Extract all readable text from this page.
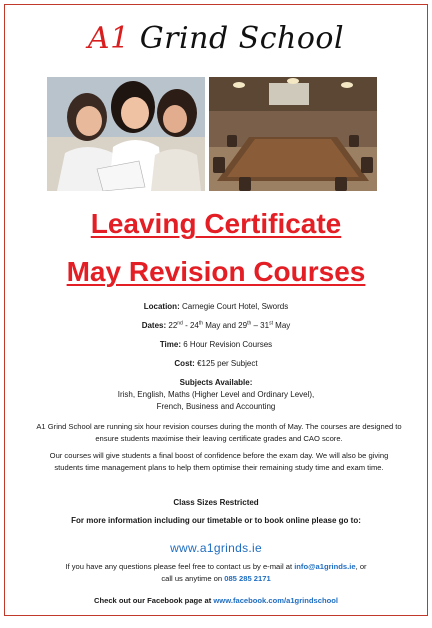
A1 Grind School
Leaving Certificate
May Revision Courses
Location: Carnegie Court Hotel, Swords
Dates: 22nd - 24th May and 29th – 31st May
Time: 6 Hour Revision Courses
Cost: €125 per Subject
Subjects Available:
Irish, English, Maths (Higher Level and Ordinary Level),
French, Business and Accounting
A1 Grind School are running six hour revision courses during the month of May. The courses are designed to ensure students maximise their leaving certificate grades and CAO score.
Our courses will give students a final boost of confidence before the exam day. We will also be giving students time management plans to help them optimise their remaining study time and exam time.
Class Sizes Restricted
For more information including our timetable or to book online please go to:
www.a1grinds.ie
If you have any questions please feel free to contact us by e-mail at info@a1grinds.ie, or
call us anytime on 085 285 2171
Check out our Facebook page at www.facebook.com/a1grindschool
